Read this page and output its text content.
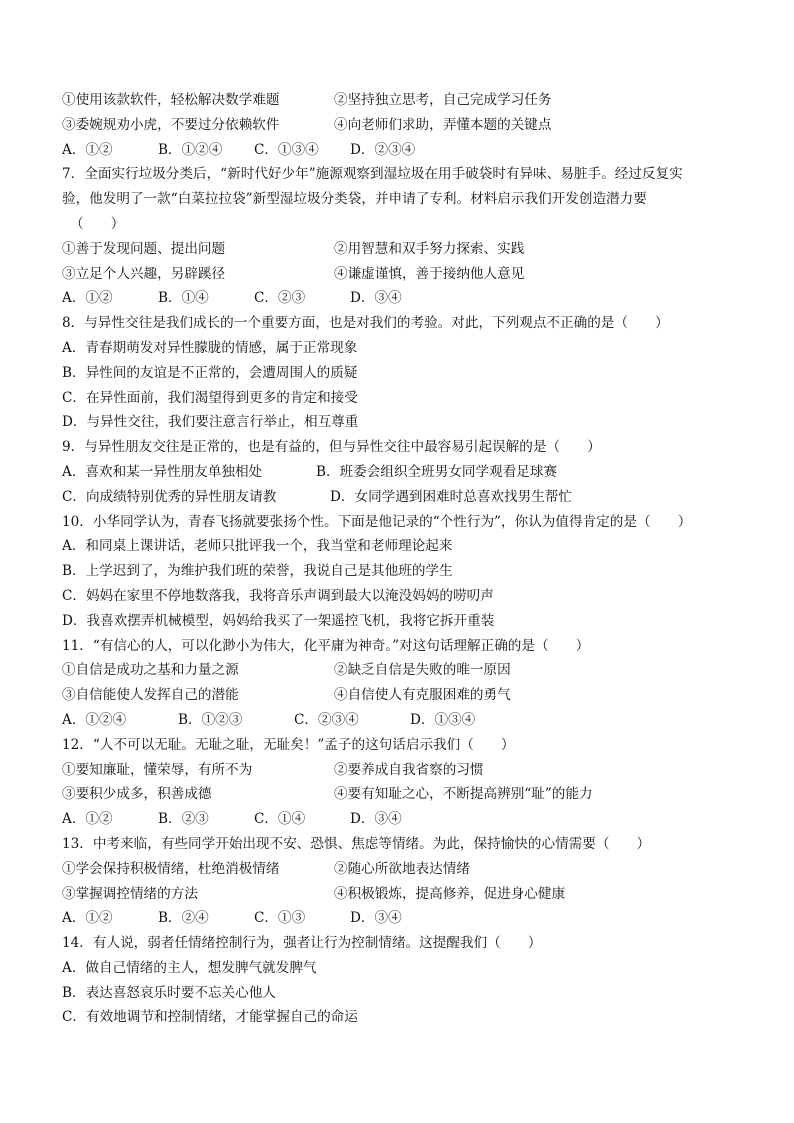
①使用该款软件，轻松解决数学难题	②坚持独立思考，自己完成学习任务
③委婉规劝小虎，不要过分依赖软件	④向老师们求助，弄懂本题的关键点
A．①②	B．①②④	C．①③④	D．②③④
7．全面实行垃圾分类后，“新时代好少年”施源观察到湿垃圾在用手破袋时有异味、易脏手。经过反复实
验，他发明了一款“白菜拉拉袋”新型湿垃圾分类袋，并申请了专利。材料启示我们开发创造潜力要
（　　）
①善于发现问题、提出问题	②用智慧和双手努力探索、实践
③立足个人兴趣，另辟蹊径	④谦虚谨慎，善于接纳他人意见
A．①②	B．①④	C．②③	D．③④
8．与异性交往是我们成长的一个重要方面，也是对我们的考验。对此，下列观点不正确的是（　　）
A．青春期萌发对异性朦胧的情感，属于正常现象
B．异性间的友谊是不正常的，会遭周围人的质疑
C．在异性面前，我们渴望得到更多的肯定和接受
D．与异性交往，我们要注意言行举止，相互尊重
9．与异性朋友交往是正常的，也是有益的，但与异性交往中最容易引起误解的是（　　）
A．喜欢和某一异性朋友单独相处	B．班委会组织全班男女同学观看足球赛
C．向成绩特别优秀的异性朋友请教	D．女同学遇到困难时总喜欢找男生帮忙
10．小华同学认为，青春飞扬就要张扬个性。下面是他记录的“个性行为”，你认为值得肯定的是（　　）
A．和同桌上课讲话，老师只批评我一个，我当堂和老师理论起来
B．上学迟到了，为维护我们班的荣誉，我说自己是其他班的学生
C．妈妈在家里不停地数落我，我将音乐声调到最大以淹没妈妈的唠叨声
D．我喜欢摆弄机械模型，妈妈给我买了一架遥控飞机，我将它拆开重装
11．“有信心的人，可以化渺小为伟大，化平庸为神奇。”对这句话理解正确的是（　　）
①自信是成功之基和力量之源	②缺乏自信是失败的唯一原因
③自信能使人发挥自己的潜能	④自信使人有克服困难的勇气
A．①②④	B．①②③	C．②③④	D．①③④
12．“人不可以无耻。无耻之耻，无耻矣！”孟子的这句话启示我们（　　）
①要知廉耻，懂荣辱，有所不为	②要养成自我省察的习惯
③要积少成多，积善成德	④要有知耻之心，不断提高辨别“耻”的能力
A．①②	B．②③	C．①④	D．③④
13．中考来临，有些同学开始出现不安、恐惧、焦虑等情绪。为此，保持愉快的心情需要（　　）
①学会保持积极情绪，杜绝消极情绪	②随心所欲地表达情绪
③掌握调控情绪的方法	④积极锻炼，提高修养，促进身心健康
A．①②	B．②④	C．①③	D．③④
14．有人说，弱者任情绪控制行为，强者让行为控制情绪。这提醒我们（　　）
A．做自己情绪的主人，想发脾气就发脾气
B．表达喜怒哀乐时要不忘关心他人
C．有效地调节和控制情绪，才能掌握自己的命运
